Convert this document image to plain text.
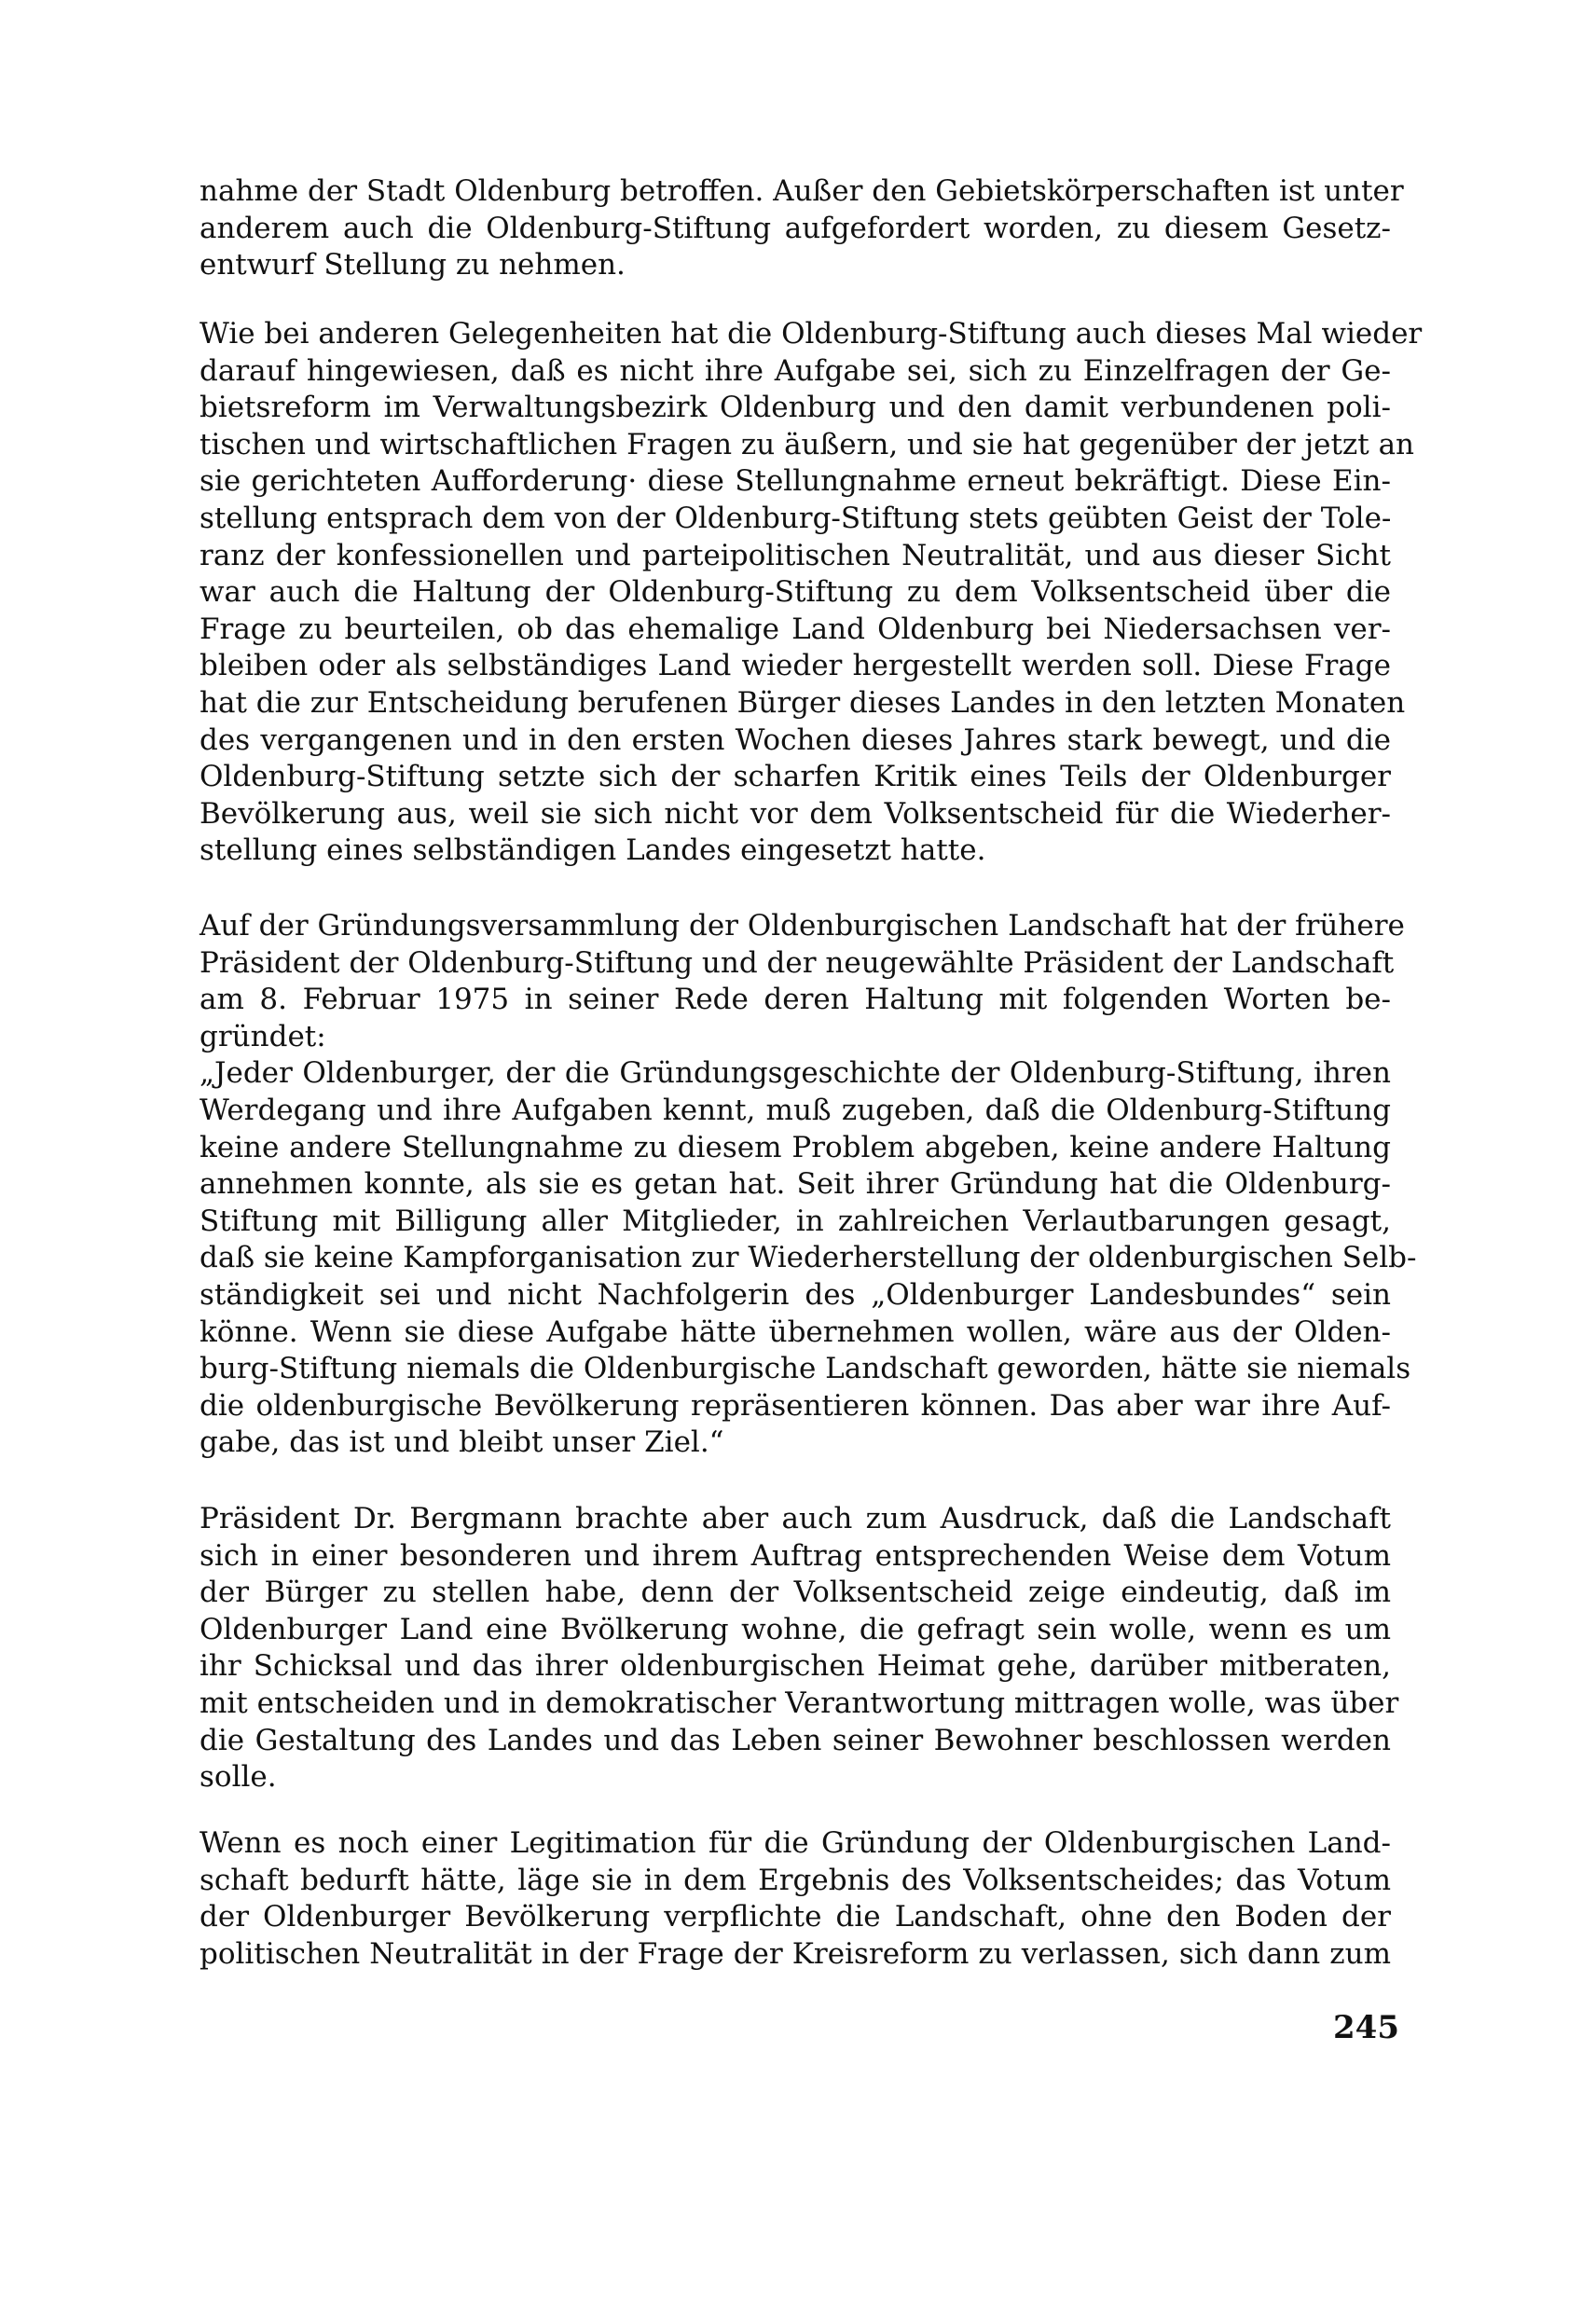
nahme der Stadt Oldenburg betroffen. Außer den Gebietskörperschaften ist unter
anderem auch die Oldenburg-Stiftung aufgefordert worden, zu diesem Gesetz-
entwurf Stellung zu nehmen.
Wie bei anderen Gelegenheiten hat die Oldenburg-Stiftung auch dieses Mal wieder
darauf hingewiesen, daß es nicht ihre Aufgabe sei, sich zu Einzelfragen der Ge-
bietsreform im Verwaltungsbezirk Oldenburg und den damit verbundenen poli-
tischen und wirtschaftlichen Fragen zu äußern, und sie hat gegenüber der jetzt an
sie gerichteten Aufforderung· diese Stellungnahme erneut bekräftigt. Diese Ein-
stellung entsprach dem von der Oldenburg-Stiftung stets geübten Geist der Tole-
ranz der konfessionellen und parteipolitischen Neutralität, und aus dieser Sicht
war auch die Haltung der Oldenburg-Stiftung zu dem Volksentscheid über die
Frage zu beurteilen, ob das ehemalige Land Oldenburg bei Niedersachsen ver-
bleiben oder als selbständiges Land wieder hergestellt werden soll. Diese Frage
hat die zur Entscheidung berufenen Bürger dieses Landes in den letzten Monaten
des vergangenen und in den ersten Wochen dieses Jahres stark bewegt, und die
Oldenburg-Stiftung setzte sich der scharfen Kritik eines Teils der Oldenburger
Bevölkerung aus, weil sie sich nicht vor dem Volksentscheid für die Wiederher-
stellung eines selbständigen Landes eingesetzt hatte.
Auf der Gründungsversammlung der Oldenburgischen Landschaft hat der frühere
Präsident der Oldenburg-Stiftung und der neugewählte Präsident der Landschaft
am 8. Februar 1975 in seiner Rede deren Haltung mit folgenden Worten be-
gründet:
„Jeder Oldenburger, der die Gründungsgeschichte der Oldenburg-Stiftung, ihren
Werdegang und ihre Aufgaben kennt, muß zugeben, daß die Oldenburg-Stiftung
keine andere Stellungnahme zu diesem Problem abgeben, keine andere Haltung
annehmen konnte, als sie es getan hat. Seit ihrer Gründung hat die Oldenburg-
Stiftung mit Billigung aller Mitglieder, in zahlreichen Verlautbarungen gesagt,
daß sie keine Kampforganisation zur Wiederherstellung der oldenburgischen Selb-
ständigkeit sei und nicht Nachfolgerin des „Oldenburger Landesbundes“ sein
könne. Wenn sie diese Aufgabe hätte übernehmen wollen, wäre aus der Olden-
burg-Stiftung niemals die Oldenburgische Landschaft geworden, hätte sie niemals
die oldenburgische Bevölkerung repräsentieren können. Das aber war ihre Auf-
gabe, das ist und bleibt unser Ziel.“
Präsident Dr. Bergmann brachte aber auch zum Ausdruck, daß die Landschaft
sich in einer besonderen und ihrem Auftrag entsprechenden Weise dem Votum
der Bürger zu stellen habe, denn der Volksentscheid zeige eindeutig, daß im
Oldenburger Land eine Bvölkerung wohne, die gefragt sein wolle, wenn es um
ihr Schicksal und das ihrer oldenburgischen Heimat gehe, darüber mitberaten,
mit entscheiden und in demokratischer Verantwortung mittragen wolle, was über
die Gestaltung des Landes und das Leben seiner Bewohner beschlossen werden
solle.
Wenn es noch einer Legitimation für die Gründung der Oldenburgischen Land-
schaft bedurft hätte, läge sie in dem Ergebnis des Volksentscheides; das Votum
der Oldenburger Bevölkerung verpflichte die Landschaft, ohne den Boden der
politischen Neutralität in der Frage der Kreisreform zu verlassen, sich dann zum
245
